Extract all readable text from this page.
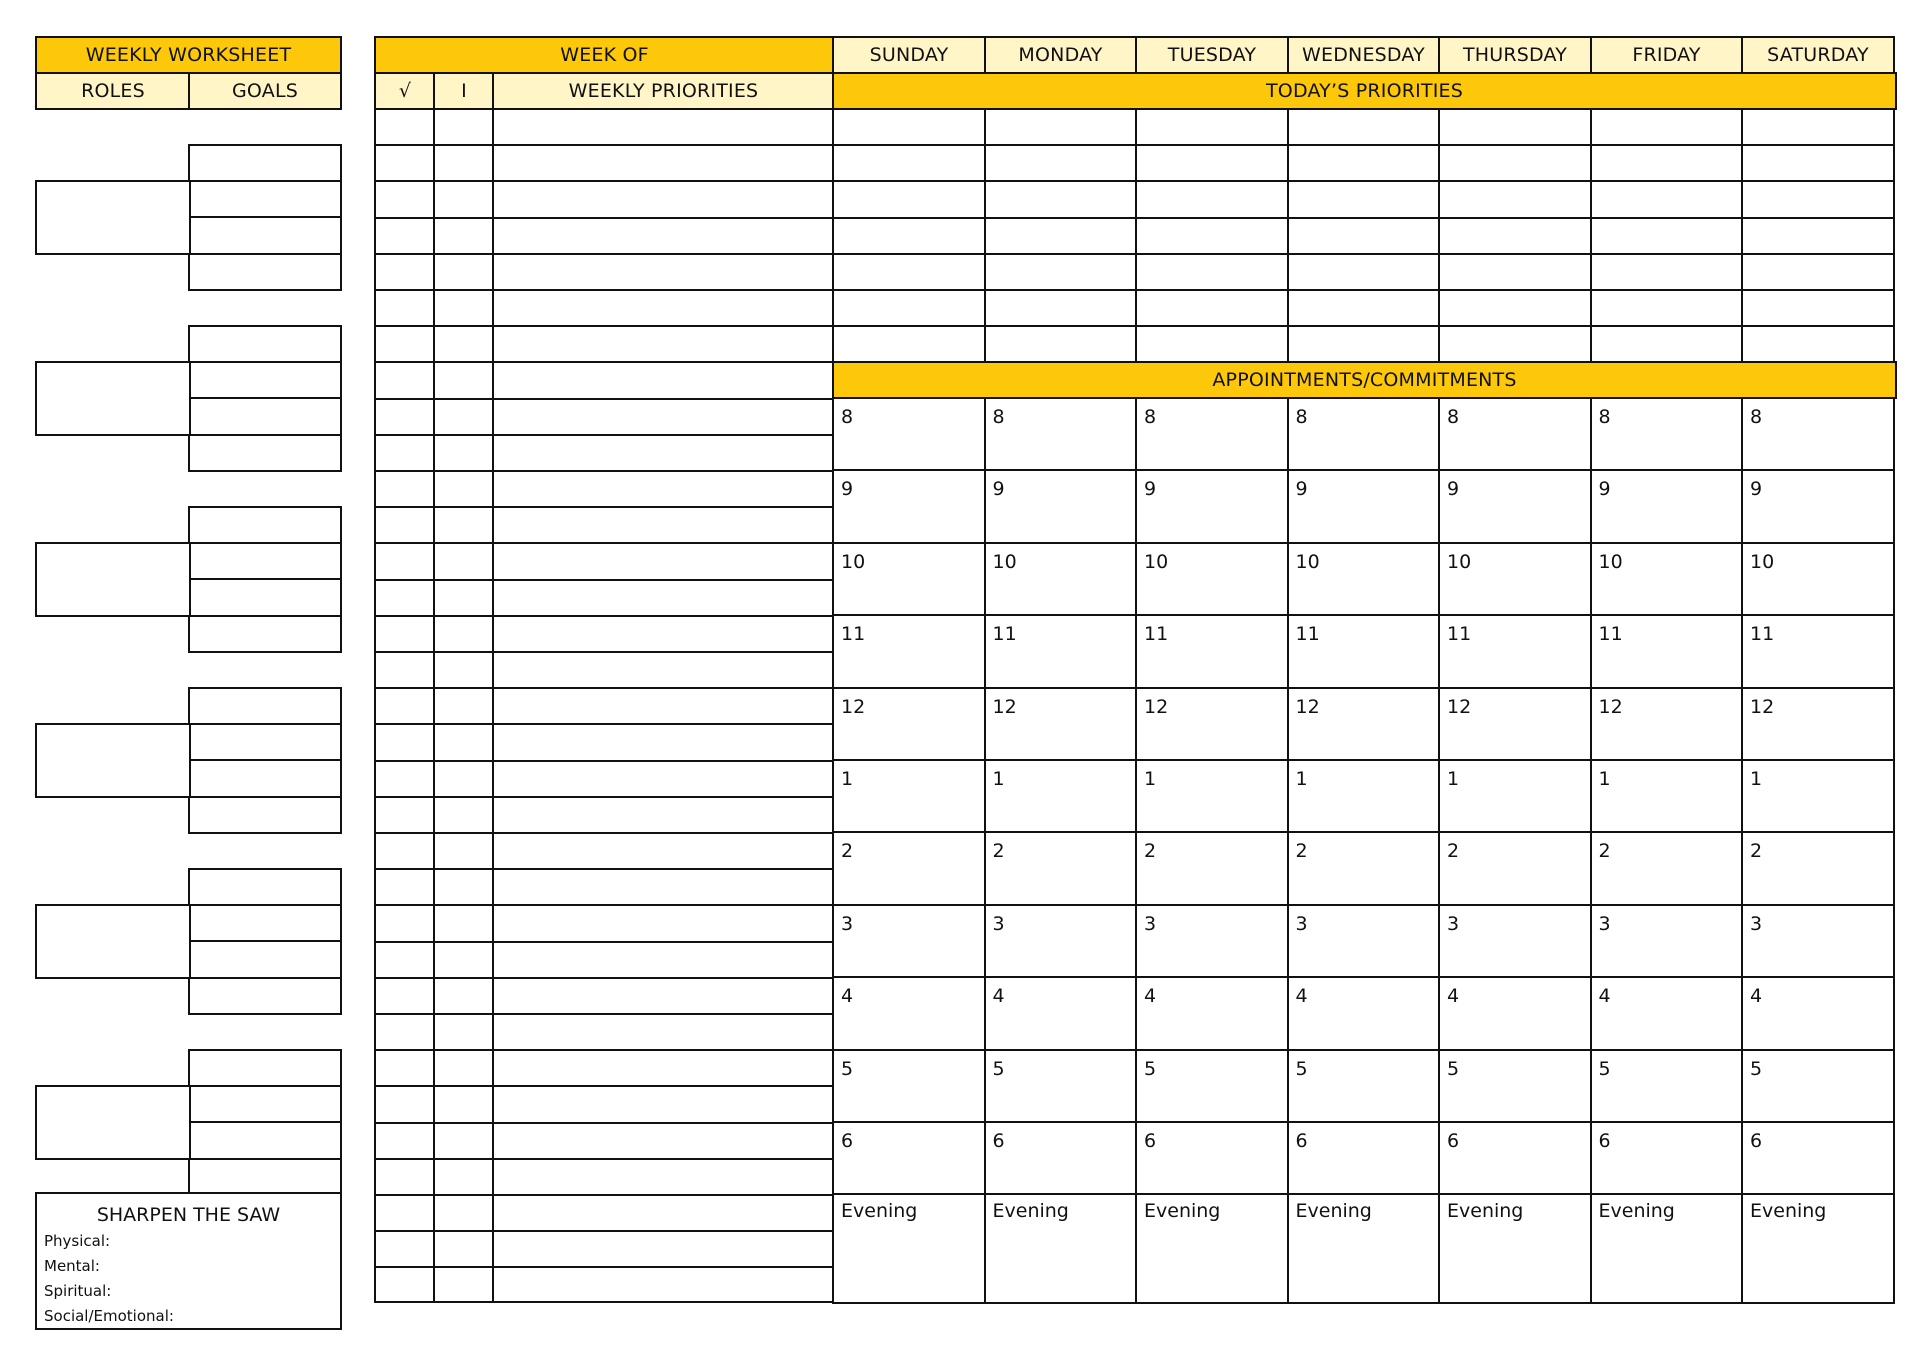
WEEKLY WORKSHEET
ROLES	GOALS
SHARPEN THE SAW
Physical:
Mental:
Spiritual:
Social/Emotional:
WEEK OF
√	I	WEEKLY PRIORITIES
SUNDAY	MONDAY	TUESDAY WEDNESDAY THURSDAY	FRIDAY	SATURDAY
TODAY’S PRIORITIES
APPOINTMENTS/COMMITMENTS
8	8	8	8	8	8	8
9	9	9	9	9	9	9
10	10	10	10	10	10	10
11	11	11	11	11	11	11
12	12	12	12	12	12	12
1	1	1	1	1	1	1
2	2	2	2	2	2	2
3	3	3	3	3	3	3
4	4	4	4	4	4	4
5	5	5	5	5	5	5
6	6	6	6	6	6	6
Evening	Evening	Evening	Evening	Evening	Evening	Evening
